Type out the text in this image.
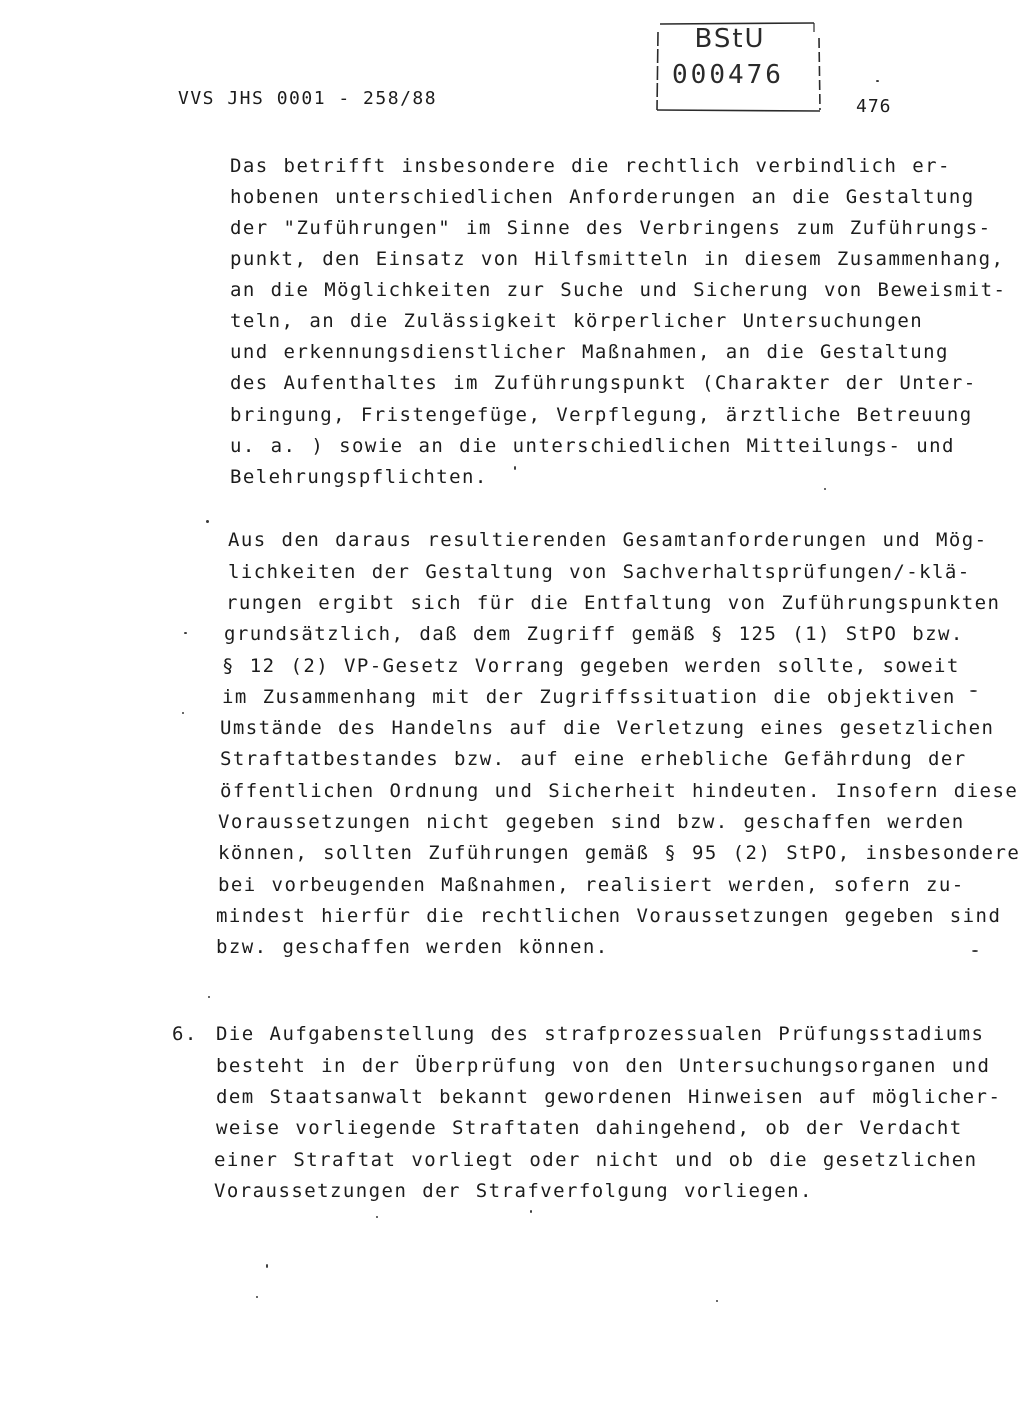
VVS JHS 0001 - 258/88	476
BStU
000476
Das betrifft insbesondere die rechtlich verbindlich er-
hobenen unterschiedlichen Anforderungen an die Gestaltung
der "Zuführungen" im Sinne des Verbringens zum Zuführungs-
punkt, den Einsatz von Hilfsmitteln in diesem Zusammenhang,
an die Möglichkeiten zur Suche und Sicherung von Beweismit-
teln, an die Zulässigkeit körperlicher Untersuchungen
und erkennungsdienstlicher Maßnahmen, an die Gestaltung
des Aufenthaltes im Zuführungspunkt (Charakter der Unter-
bringung, Fristengefüge, Verpflegung, ärztliche Betreuung
u. a. ) sowie an die unterschiedlichen Mitteilungs- und
Belehrungspflichten.
Aus den daraus resultierenden Gesamtanforderungen und Mög-
lichkeiten der Gestaltung von Sachverhaltsprüfungen/-klä-
rungen ergibt sich für die Entfaltung von Zuführungspunkten
grundsätzlich, daß dem Zugriff gemäß § 125 (1) StPO bzw.
§ 12 (2) VP-Gesetz Vorrang gegeben werden sollte, soweit
im Zusammenhang mit der Zugriffssituation die objektiven
Umstände des Handelns auf die Verletzung eines gesetzlichen
Straftatbestandes bzw. auf eine erhebliche Gefährdung der
öffentlichen Ordnung und Sicherheit hindeuten. Insofern diese
Voraussetzungen nicht gegeben sind bzw. geschaffen werden
können, sollten Zuführungen gemäß § 95 (2) StPO, insbesondere
bei vorbeugenden Maßnahmen, realisiert werden, sofern zu-
mindest hierfür die rechtlichen Voraussetzungen gegeben sind
bzw. geschaffen werden können.
6. Die Aufgabenstellung des strafprozessualen Prüfungsstadiums
besteht in der Überprüfung von den Untersuchungsorganen und
dem Staatsanwalt bekannt gewordenen Hinweisen auf möglicher-
weise vorliegende Straftaten dahingehend, ob der Verdacht
einer Straftat vorliegt oder nicht und ob die gesetzlichen
Voraussetzungen der Strafverfolgung vorliegen.
